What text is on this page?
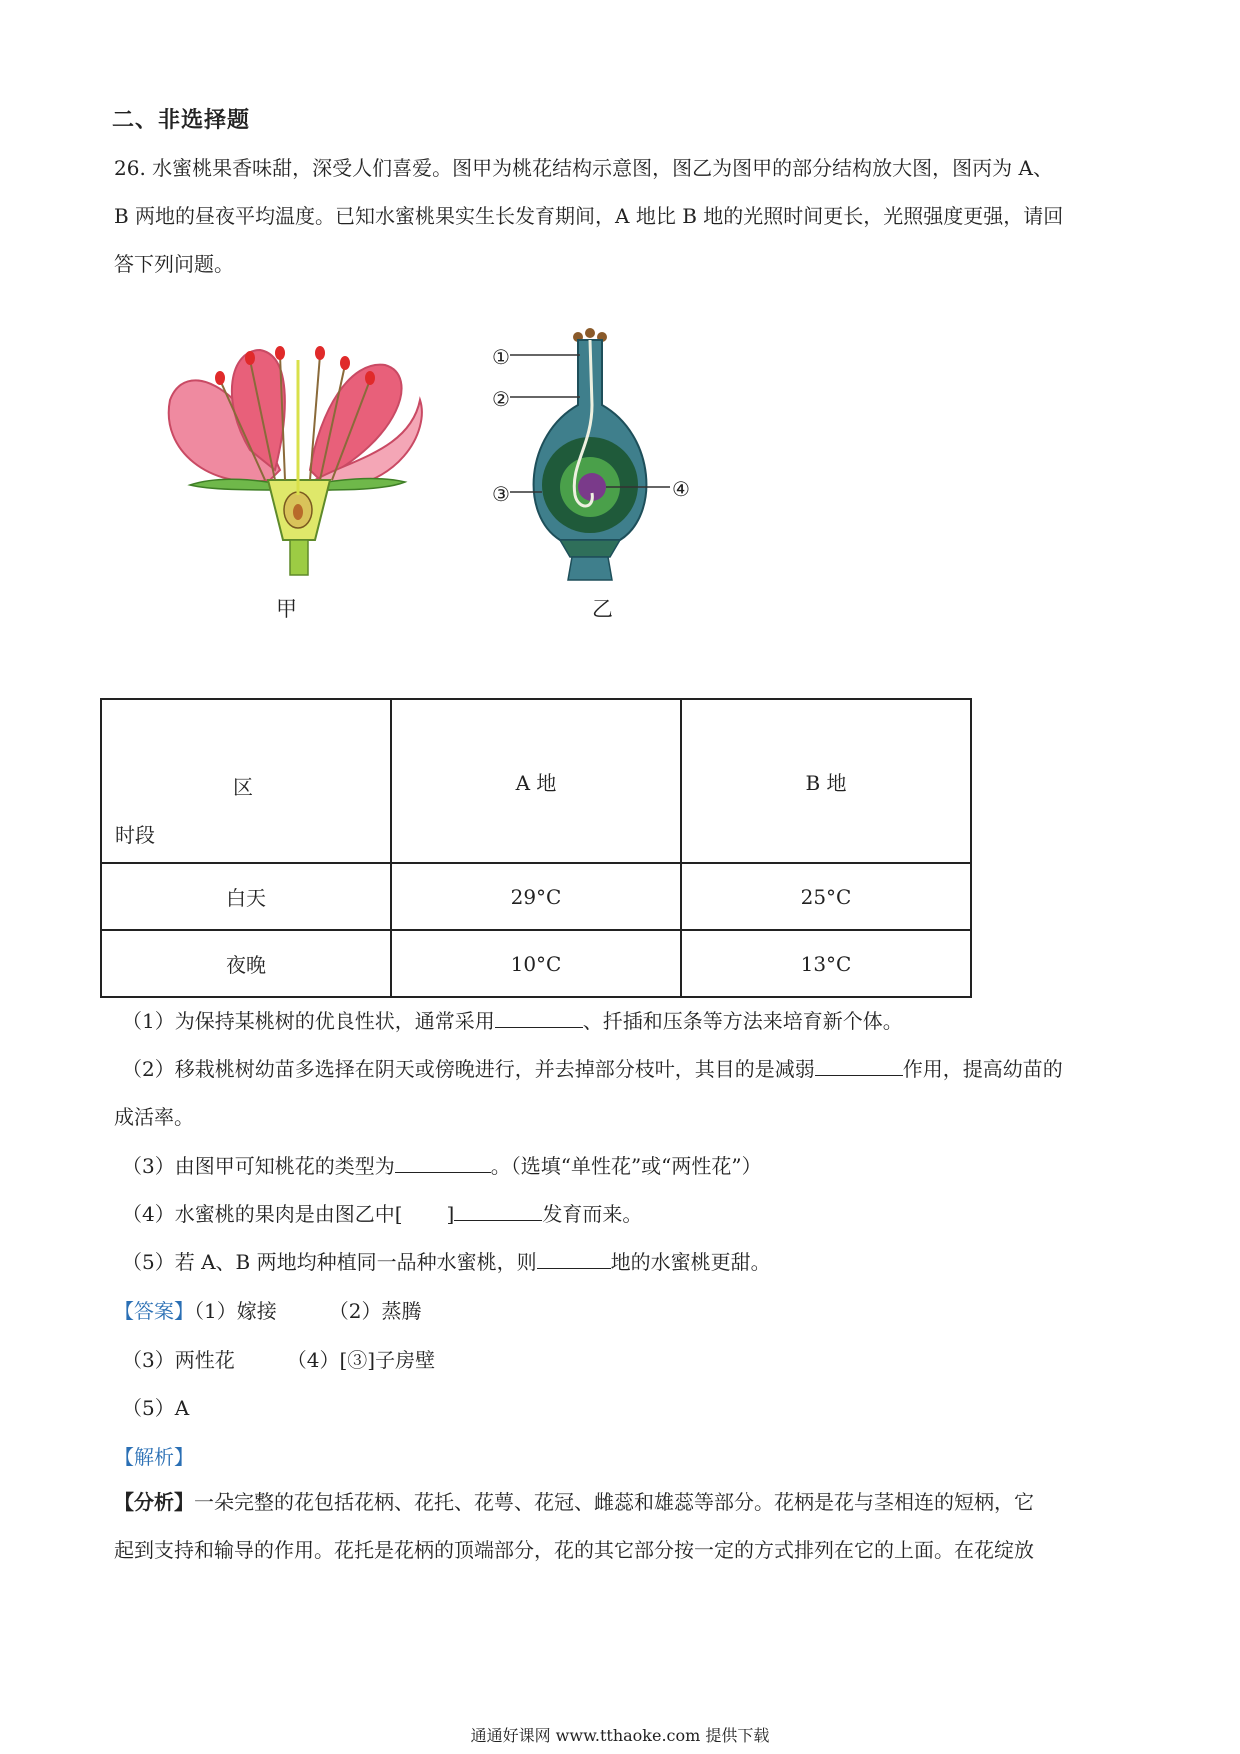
二、非选择题
26. 水蜜桃果香味甜，深受人们喜爱。图甲为桃花结构示意图，图乙为图甲的部分结构放大图，图丙为 A、
B 两地的昼夜平均温度。已知水蜜桃果实生长发育期间，A 地比 B 地的光照时间更长，光照强度更强，请回
答下列问题。
甲
①
②
③	④
乙
区
时段	A 地	B 地
白天	29°C	25°C
夜晚	10°C	13°C
（1）为保持某桃树的优良性状，通常采用	、扦插和压条等方法来培育新个体。
（2）移栽桃树幼苗多选择在阴天或傍晚进行，并去掉部分枝叶，其目的是减弱	作用，提高幼苗的
成活率。
（3）由图甲可知桃花的类型为	。（选填“单性花”或“两性花”）
（4）水蜜桃的果肉是由图乙中[ ]	发育而来。
（5）若 A、B 两地均种植同一品种水蜜桃，则	地的水蜜桃更甜。
【答案】（1）嫁接	（2）蒸腾
（3）两性花	（4）[③]子房壁
（5）A
【解析】
【分析】一朵完整的花包括花柄、花托、花萼、花冠、雌蕊和雄蕊等部分。花柄是花与茎相连的短柄，它
起到支持和输导的作用。花托是花柄的顶端部分，花的其它部分按一定的方式排列在它的上面。在花绽放
通通好课网 www.tthaoke.com 提供下载
